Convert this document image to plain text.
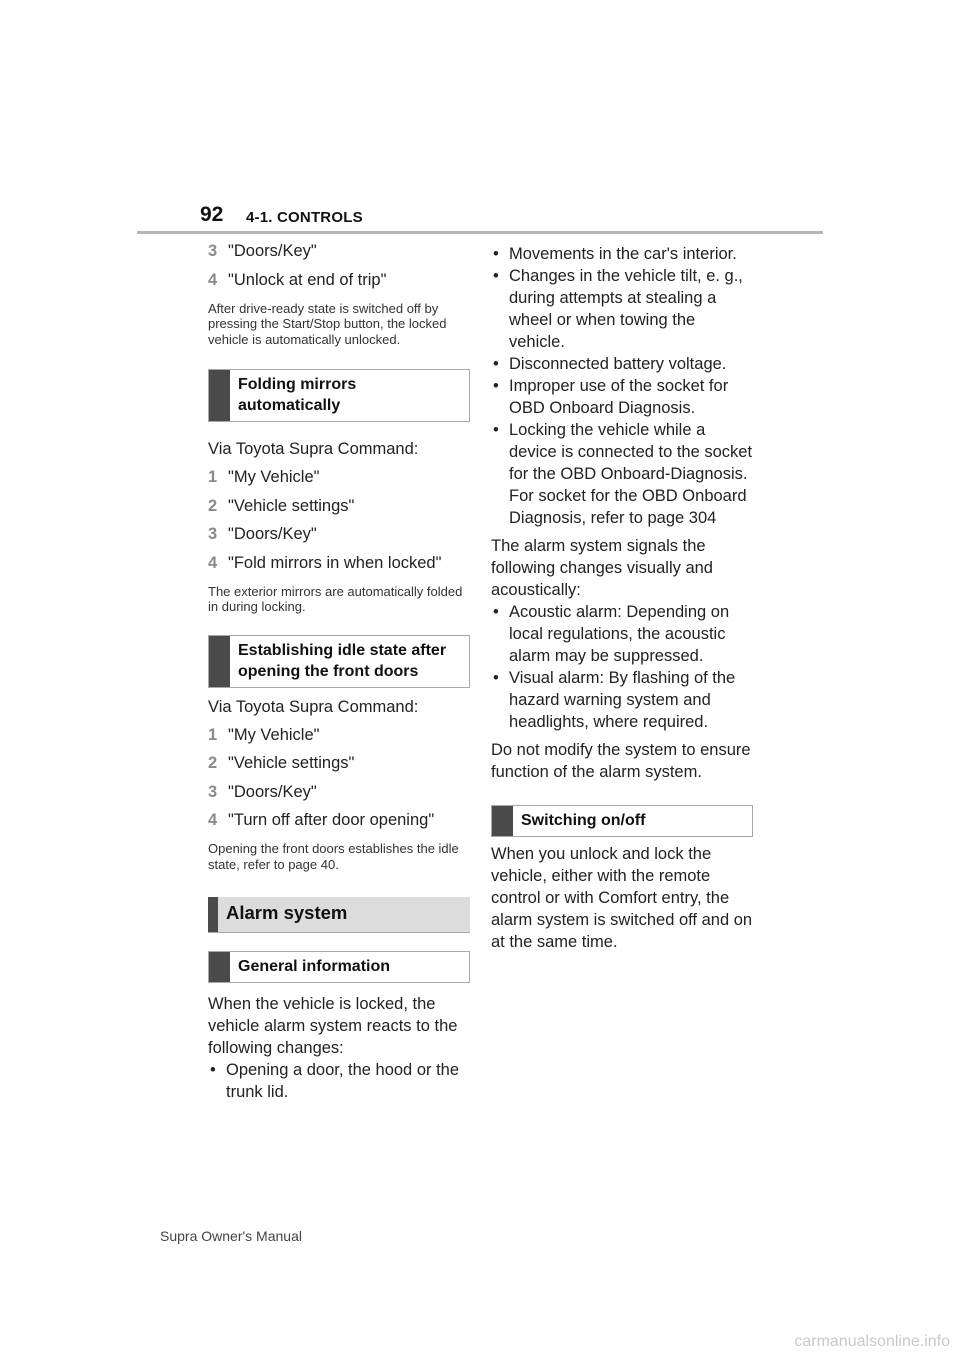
92 4-1. CONTROLS
3 "Doors/Key"
4 "Unlock at end of trip"

After drive-ready state is switched off by pressing the Start/Stop button, the locked vehicle is automatically unlocked.

Folding mirrors automatically

Via Toyota Supra Command:

1 "My Vehicle"
2 "Vehicle settings"
3 "Doors/Key"
4 "Fold mirrors in when locked"

The exterior mirrors are automatically folded in during locking.

Establishing idle state after opening the front doors

Via Toyota Supra Command:

1 "My Vehicle"
2 "Vehicle settings"
3 "Doors/Key"
4 "Turn off after door opening"

Opening the front doors establishes the idle state, refer to page 40.

Alarm system
General information

When the vehicle is locked, the vehicle alarm system reacts to the following changes:

• Opening a door, the hood or the trunk lid.
• Movements in the car's interior.
• Changes in the vehicle tilt, e. g., during attempts at stealing a wheel or when towing the vehicle.
• Disconnected battery voltage.
• Improper use of the socket for OBD Onboard Diagnosis.
• Locking the vehicle while a device is connected to the socket for the OBD Onboard-Diagnosis. For socket for the OBD Onboard Diagnosis, refer to page 304

The alarm system signals the following changes visually and acoustically:

• Acoustic alarm: Depending on local regulations, the acoustic alarm may be suppressed.
• Visual alarm: By flashing of the hazard warning system and headlights, where required.

Do not modify the system to ensure function of the alarm system.

Switching on/off

When you unlock and lock the vehicle, either with the remote control or with Comfort entry, the alarm system is switched off and on at the same time.

Supra Owner's Manual
carmanualsonline.info
